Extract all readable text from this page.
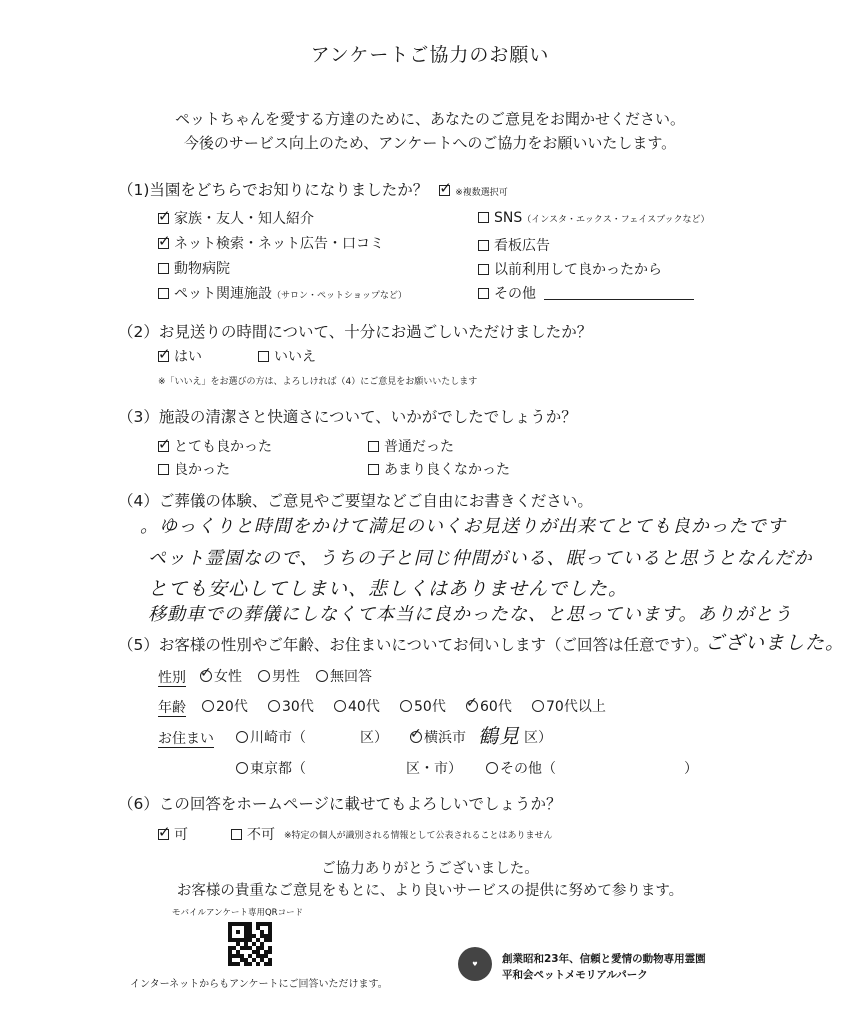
アンケートご協力のお願い
ペットちゃんを愛する方達のために、あなたのご意見をお聞かせください。
今後のサービス向上のため、アンケートへのご協力をお願いいたします。
（1)当園をどちらでお知りになりましたか？ ✓	※複数選択可
✓家族・友人・知人紹介
✓ネット検索・ネット広告・口コミ
動物病院
ペット関連施設（サロン・ペットショップなど）
SNS（インスタ・エックス・フェイスブックなど）
看板広告
以前利用して良かったから
その他
（2）お見送りの時間について、十分にお過ごしいただけましたか？
✓はい	いいえ
※「いいえ」をお選びの方は、よろしければ（4）にご意見をお願いいたします
（3）施設の清潔さと快適さについて、いかがでしたでしょうか？
✓とても良かった	普通だった
良かった	あまり良くなかった
（4）ご葬儀の体験、ご意見やご要望などご自由にお書きください。
。ゆっくりと時間をかけて満足のいくお見送りが出来てとても良かったです
ペット霊園なので、うちの子と同じ仲間がいる、眠っていると思うとなんだか
とても安心してしまい、悲しくはありませんでした。
移動車での葬儀にしなくて本当に良かったな、と思っています。ありがとう
ございました。
（5）お客様の性別やご年齢、お住まいについてお伺いします（ご回答は任意です）。
性別 ✓	女性	男性	無回答
年齢	20代	30代	40代	50代 ✓	60代	70代以上
お住まい	川崎市（	区） ✓	横浜市 鶴見 区）
東京都（	区・市）	その他（	）
（6）この回答をホームページに載せてもよろしいでしょうか？
✓可	不可 ※特定の個人が識別される情報として公表されることはありません
ご協力ありがとうございました。
お客様の貴重なご意見をもとに、より良いサービスの提供に努めて参ります。
モバイルアンケート専用QRコード
インターネットからもアンケートにご回答いただけます。
♥	創業昭和23年、信頼と愛情の動物専用霊園
平和会ペットメモリアルパーク
